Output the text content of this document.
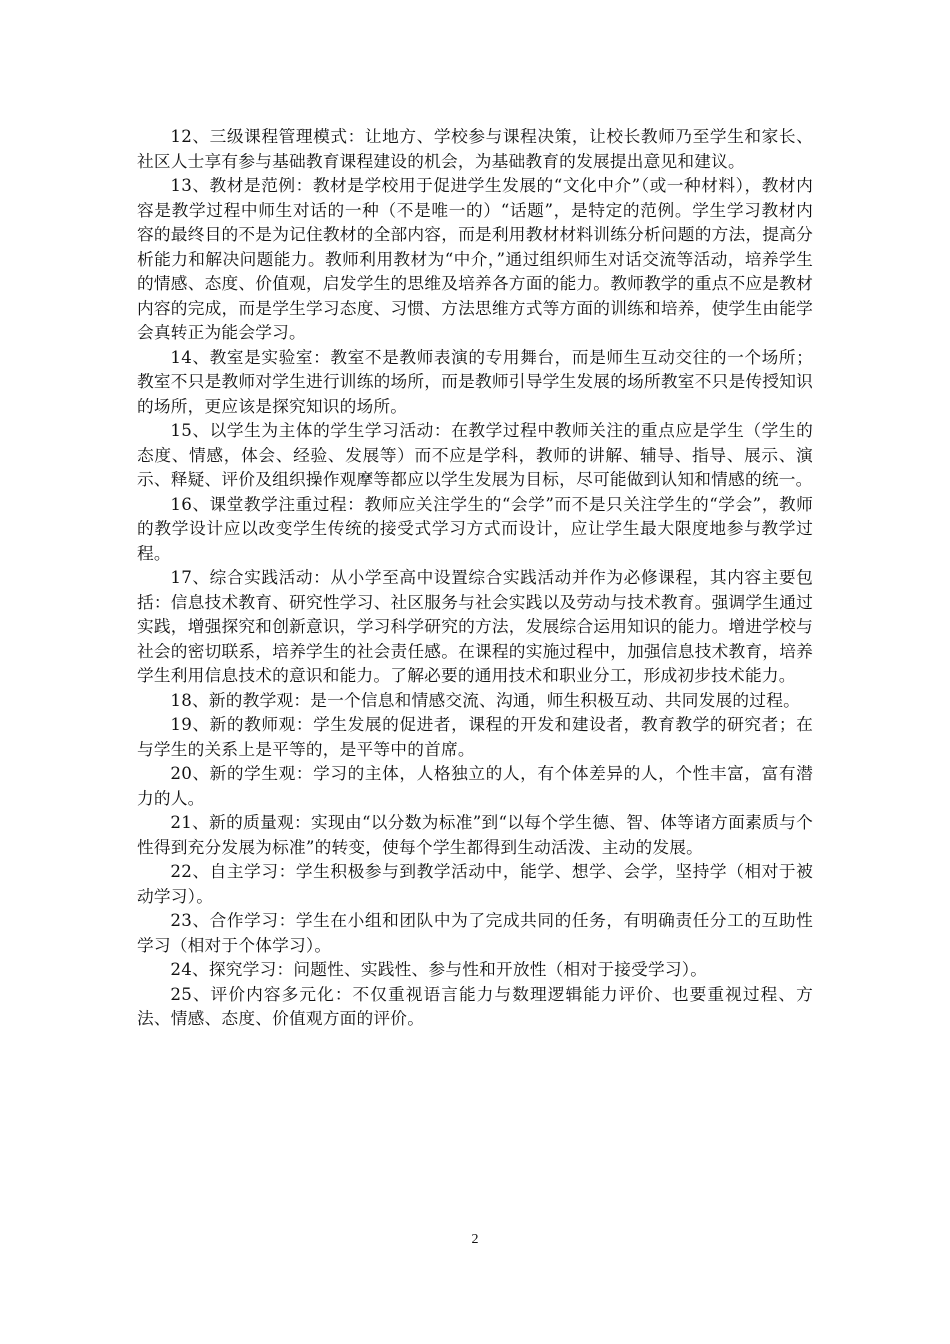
12、三级课程管理模式：让地方、学校参与课程决策，让校长教师乃至学生和家长、社区人士享有参与基础教育课程建设的机会，为基础教育的发展提出意见和建议。

13、教材是范例：教材是学校用于促进学生发展的“文化中介”（或一种材料），教材内容是教学过程中师生对话的一种（不是唯一的）“话题”，是特定的范例。学生学习教材内容的最终目的不是为记住教材的全部内容，而是利用教材材料训练分析问题的方法，提高分析能力和解决问题能力。教师利用教材为“中介，”通过组织师生对话交流等活动，培养学生的情感、态度、价值观，启发学生的思维及培养各方面的能力。教师教学的重点不应是教材内容的完成，而是学生学习态度、习惯、方法思维方式等方面的训练和培养，使学生由能学会真转正为能会学习。

14、教室是实验室：教室不是教师表演的专用舞台，而是师生互动交往的一个场所；教室不只是教师对学生进行训练的场所，而是教师引导学生发展的场所教室不只是传授知识的场所，更应该是探究知识的场所。

15、以学生为主体的学生学习活动：在教学过程中教师关注的重点应是学生（学生的态度、情感，体会、经验、发展等）而不应是学科，教师的讲解、辅导、指导、展示、演示、释疑、评价及组织操作观摩等都应以学生发展为目标，尽可能做到认知和情感的统一。

16、课堂教学注重过程：教师应关注学生的“会学”而不是只关注学生的“学会”，教师的教学设计应以改变学生传统的接受式学习方式而设计，应让学生最大限度地参与教学过程。

17、综合实践活动：从小学至高中设置综合实践活动并作为必修课程，其内容主要包括：信息技术教育、研究性学习、社区服务与社会实践以及劳动与技术教育。强调学生通过实践，增强探究和创新意识，学习科学研究的方法，发展综合运用知识的能力。增进学校与社会的密切联系，培养学生的社会责任感。在课程的实施过程中，加强信息技术教育，培养学生利用信息技术的意识和能力。了解必要的通用技术和职业分工，形成初步技术能力。

18、新的教学观：是一个信息和情感交流、沟通，师生积极互动、共同发展的过程。

19、新的教师观：学生发展的促进者，课程的开发和建设者，教育教学的研究者；在与学生的关系上是平等的，是平等中的首席。

20、新的学生观：学习的主体，人格独立的人，有个体差异的人，个性丰富，富有潜力的人。

21、新的质量观：实现由“以分数为标准”到“以每个学生德、智、体等诸方面素质与个性得到充分发展为标准”的转变，使每个学生都得到生动活泼、主动的发展。

22、自主学习：学生积极参与到教学活动中，能学、想学、会学，坚持学（相对于被动学习）。

23、合作学习：学生在小组和团队中为了完成共同的任务，有明确责任分工的互助性学习（相对于个体学习）。

24、探究学习：问题性、实践性、参与性和开放性（相对于接受学习）。

25、评价内容多元化：不仅重视语言能力与数理逻辑能力评价、也要重视过程、方法、情感、态度、价值观方面的评价。

2
